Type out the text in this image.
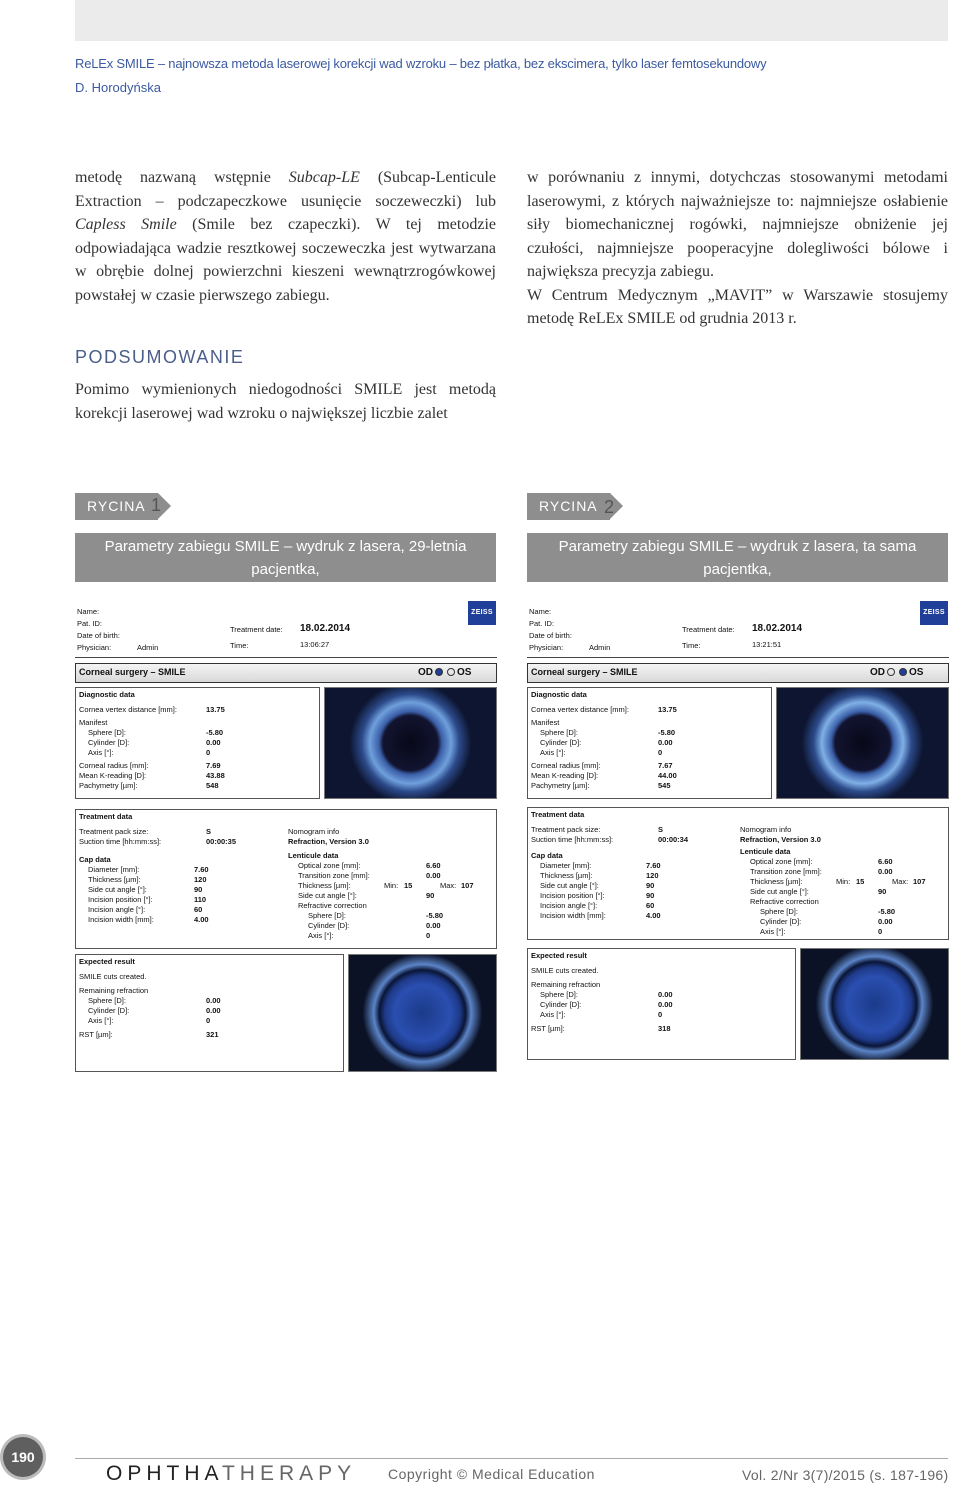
ReLEx SMILE – najnowsza metoda laserowej korekcji wad wzroku – bez płatka, bez ekscimera, tylko laser femtosekundowy
D. Horodyńska

metodę nazwaną wstępnie Subcap-LE (Subcap-Lenticule Extraction – podczapeczkowe usunięcie soczeweczki) lub Capless Smile (Smile bez czapeczki). W tej metodzie odpowiadająca wadzie resztkowej soczeweczka jest wytwarzana w obrębie dolnej powierzchni kieszeni wewnątrzrogówkowej powstałej w czasie pierwszego zabiegu.

PODSUMOWANIE

Pomimo wymienionych niedogodności SMILE jest metodą korekcji laserowej wad wzroku o największej liczbie zalet

w porównaniu z innymi, dotychczas stosowanymi metodami laserowymi, z których najważniejsze to: najmniejsze osłabienie siły biomechanicznej rogówki, najmniejsze obniżenie jej czułości, najmniejsze pooperacyjne dolegliwości bólowe i największa precyzja zabiegu.

W Centrum Medycznym „MAVIT” w Warszawie stosujemy metodę ReLEx SMILE od grudnia 2013 r.

RYCINA 1
Parametry zabiegu SMILE – wydruk z lasera, 29-letnia pacjentka,
OP, wada korygowana: -5,8 Dsph.
RYCINA 2
Parametry zabiegu SMILE – wydruk z lasera, ta sama pacjentka,
OL, wada korygowana: -5,8 Dsph.
Name:
Pat. ID:
Date of birth:
Physician:	Admin
Treatment date: 18.02.2014
Time:	13:06:27
ZEISS
Corneal surgery – SMILE	OD OS
Diagnostic data
Cornea vertex distance [mm]:	13.75
Manifest
Sphere [D]:	-5.80
Cylinder [D]:	0.00
Axis [°]:	0
Corneal radius [mm]:	7.69
Mean K-reading [D]:	43.88
Pachymetry [µm]:	548
Treatment data
Treatment pack size:	S
Suction time [hh:mm:ss]:	00:00:35
Cap data
Diameter [mm]:	7.60
Thickness [µm]:	120
Side cut angle [°]:	90
Incision position [°]:	110
Incision angle [°]:	60
Incision width [mm]:	4.00
Nomogram info
Refraction, Version 3.0
Lenticule data
Optical zone [mm]:	6.60
Transition zone [mm]:	0.00
Thickness [µm]:	Min: 15	Max: 107
Side cut angle [°]:	90
Refractive correction
Sphere [D]:	-5.80
Cylinder [D]:	0.00
Axis [°]:	0
Expected result
SMILE cuts created.
Remaining refraction
Sphere [D]:	0.00
Cylinder [D]:	0.00
Axis [°]:	0
RST [µm]:	321
Name:
Pat. ID:
Date of birth:
Physician:	Admin
Treatment date: 18.02.2014
Time:	13:21:51
ZEISS
Corneal surgery – SMILE	OD OS
Diagnostic data
Cornea vertex distance [mm]:	13.75
Manifest
Sphere [D]:	-5.80
Cylinder [D]:	0.00
Axis [°]:	0
Corneal radius [mm]:	7.67
Mean K-reading [D]:	44.00
Pachymetry [µm]:	545
Treatment data
Treatment pack size:	S
Suction time [hh:mm:ss]:	00:00:34
Cap data
Diameter [mm]:	7.60
Thickness [µm]:	120
Side cut angle [°]:	90
Incision position [°]:	90
Incision angle [°]:	60
Incision width [mm]:	4.00
Nomogram info
Refraction, Version 3.0
Lenticule data
Optical zone [mm]:	6.60
Transition zone [mm]:	0.00
Thickness [µm]:	Min: 15	Max: 107
Side cut angle [°]:	90
Refractive correction
Sphere [D]:	-5.80
Cylinder [D]:	0.00
Axis [°]:	0
Expected result
SMILE cuts created.
Remaining refraction
Sphere [D]:	0.00
Cylinder [D]:	0.00
Axis [°]:	0
RST [µm]:	318
190
OPHTHATHERAPY Copyright © Medical Education	Vol. 2/Nr 3(7)/2015 (s. 187-196)
